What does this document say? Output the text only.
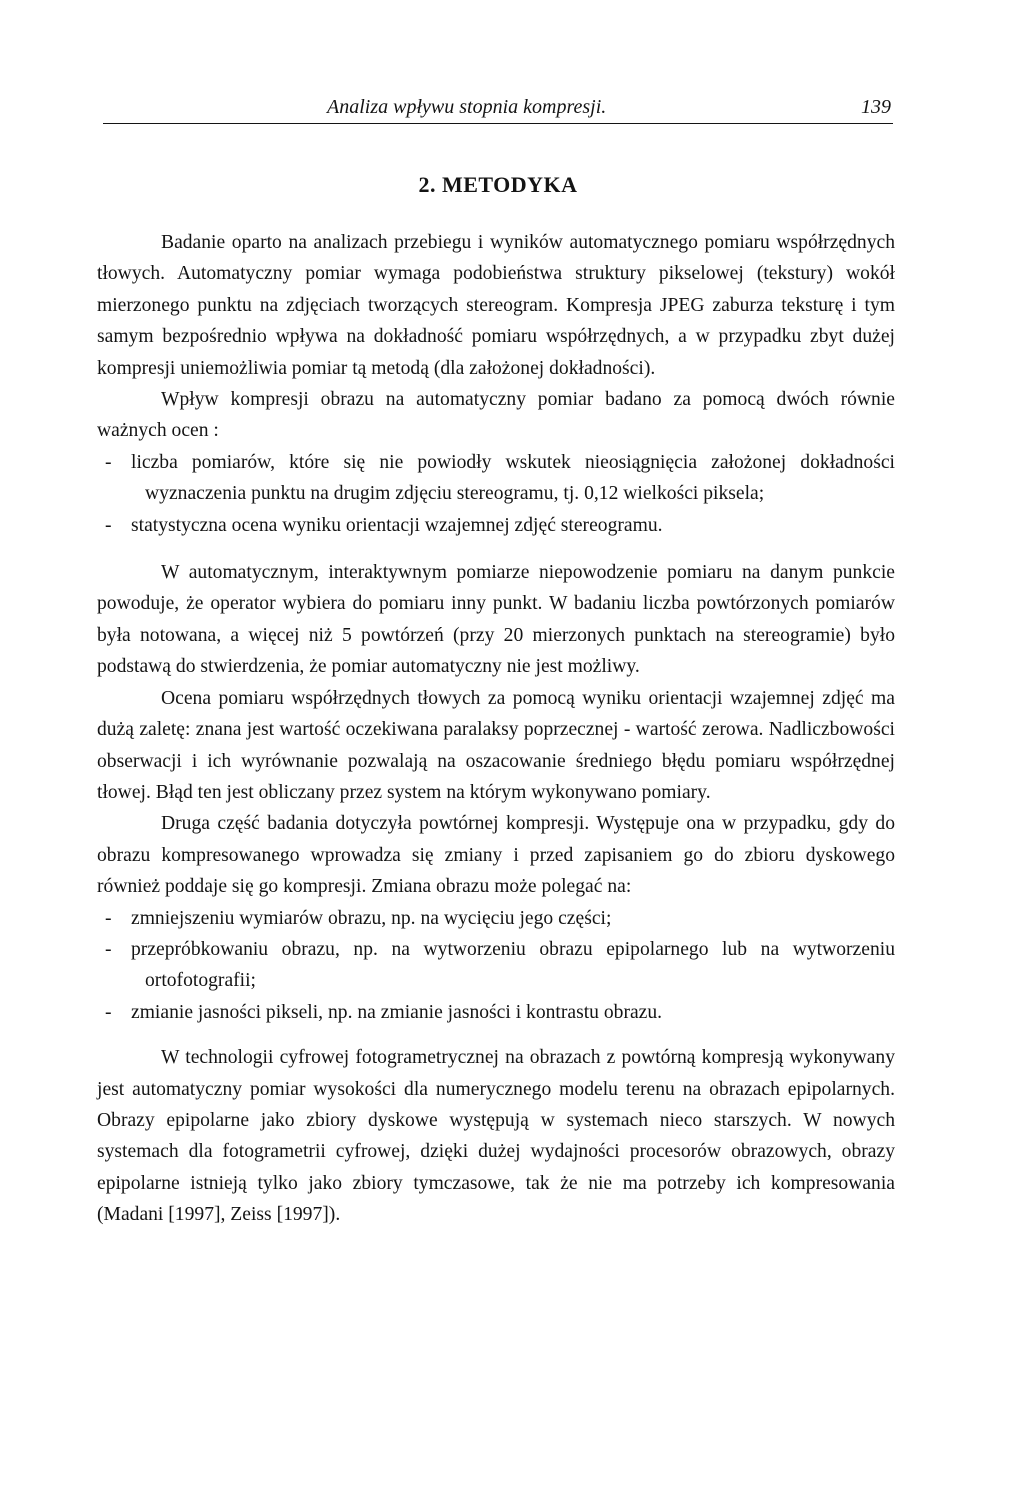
Analiza wpływu stopnia kompresji.	139
2. METODYKA

Badanie oparto na analizach przebiegu i wyników automatycznego pomiaru współrzędnych tłowych. Automatyczny pomiar wymaga podobieństwa struktury pikselowej (tekstury) wokół mierzonego punktu na zdjęciach tworzących stereogram. Kompresja JPEG zaburza teksturę i tym samym bezpośrednio wpływa na dokładność pomiaru współrzędnych, a w przypadku zbyt dużej kompresji uniemożliwia pomiar tą metodą (dla założonej dokładności).

Wpływ kompresji obrazu na automatyczny pomiar badano za pomocą dwóch równie ważnych ocen :

- liczba pomiarów, które się nie powiodły wskutek nieosiągnięcia założonej dokładności wyznaczenia punktu na drugim zdjęciu stereogramu, tj. 0,12 wielkości piksela;
- statystyczna ocena wyniku orientacji wzajemnej zdjęć stereogramu.

W automatycznym, interaktywnym pomiarze niepowodzenie pomiaru na danym punkcie powoduje, że operator wybiera do pomiaru inny punkt. W badaniu liczba powtórzonych pomiarów była notowana, a więcej niż 5 powtórzeń (przy 20 mierzonych punktach na stereogramie) było podstawą do stwierdzenia, że pomiar automatyczny nie jest możliwy.

Ocena pomiaru współrzędnych tłowych za pomocą wyniku orientacji wzajemnej zdjęć ma dużą zaletę: znana jest wartość oczekiwana paralaksy poprzecznej - wartość zerowa. Nadliczbowości obserwacji i ich wyrównanie pozwalają na oszacowanie średniego błędu pomiaru współrzędnej tłowej. Błąd ten jest obliczany przez system na którym wykonywano pomiary.

Druga część badania dotyczyła powtórnej kompresji. Występuje ona w przypadku, gdy do obrazu kompresowanego wprowadza się zmiany i przed zapisaniem go do zbioru dyskowego również poddaje się go kompresji. Zmiana obrazu może polegać na:

- zmniejszeniu wymiarów obrazu, np. na wycięciu jego części;
- przepróbkowaniu obrazu, np. na wytworzeniu obrazu epipolarnego lub na wytworzeniu ortofotografii;
- zmianie jasności pikseli, np. na zmianie jasności i kontrastu obrazu.

W technologii cyfrowej fotogrametrycznej na obrazach z powtórną kompresją wykonywany jest automatyczny pomiar wysokości dla numerycznego modelu terenu na obrazach epipolarnych. Obrazy epipolarne jako zbiory dyskowe występują w systemach nieco starszych. W nowych systemach dla fotogrametrii cyfrowej, dzięki dużej wydajności procesorów obrazowych, obrazy epipolarne istnieją tylko jako zbiory tymczasowe, tak że nie ma potrzeby ich kompresowania (Madani [1997], Zeiss [1997]).
